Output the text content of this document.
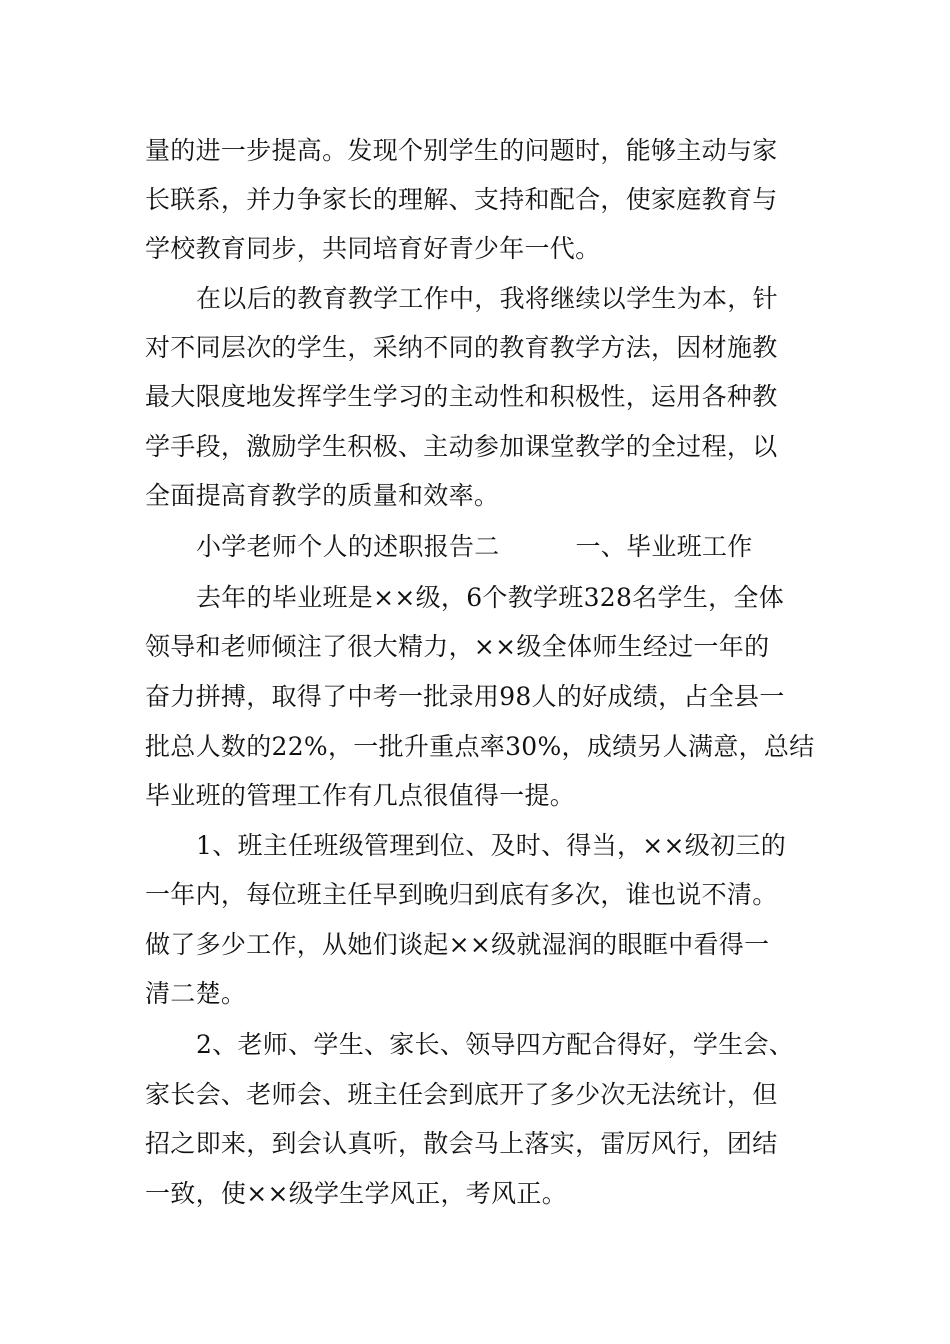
量的进一步提高。发现个别学生的问题时，能够主动与家

长联系，并力争家长的理解、支持和配合，使家庭教育与

学校教育同步，共同培育好青少年一代。

在以后的教育教学工作中，我将继续以学生为本，针

对不同层次的学生，采纳不同的教育教学方法，因材施教

最大限度地发挥学生学习的主动性和积极性，运用各种教

学手段，激励学生积极、主动参加课堂教学的全过程，以

全面提高育教学的质量和效率。

小学老师个人的述职报告二　　　一、毕业班工作

去年的毕业班是××级，6个教学班328名学生，全体

领导和老师倾注了很大精力，××级全体师生经过一年的

奋力拼搏，取得了中考一批录用98人的好成绩，占全县一

批总人数的22%，一批升重点率30%，成绩另人满意，总结

毕业班的管理工作有几点很值得一提。

1、班主任班级管理到位、及时、得当，××级初三的

一年内，每位班主任早到晚归到底有多次，谁也说不清。

做了多少工作，从她们谈起××级就湿润的眼眶中看得一

清二楚。

2、老师、学生、家长、领导四方配合得好，学生会、

家长会、老师会、班主任会到底开了多少次无法统计，但

招之即来，到会认真听，散会马上落实，雷厉风行，团结

一致，使××级学生学风正，考风正。
